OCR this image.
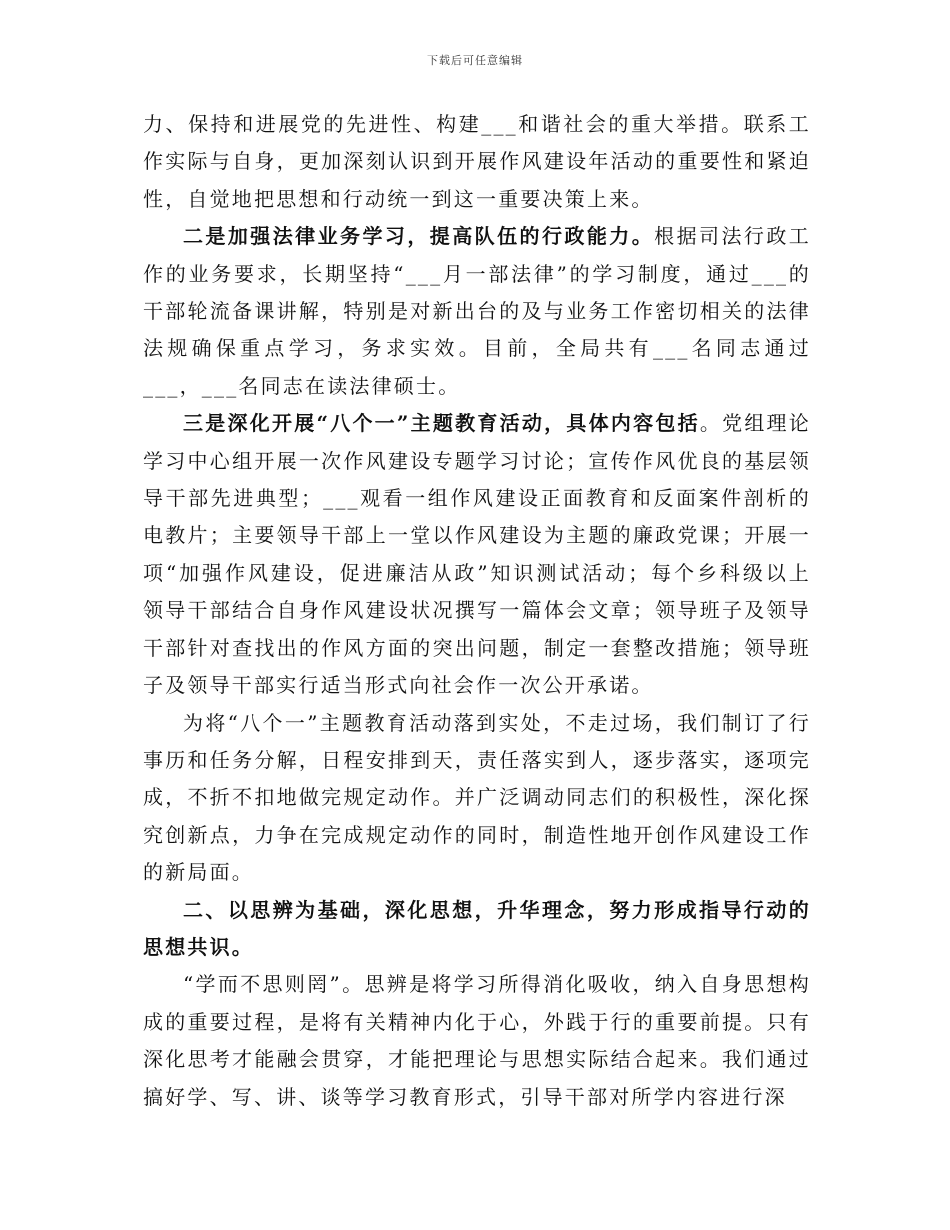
下载后可任意编辑

力、保持和进展党的先进性、构建___和谐社会的重大举措。联系工作实际与自身，更加深刻认识到开展作风建设年活动的重要性和紧迫性，自觉地把思想和行动统一到这一重要决策上来。

二是加强法律业务学习，提高队伍的行政能力。根据司法行政工作的业务要求，长期坚持“___月一部法律”的学习制度，通过___的干部轮流备课讲解，特别是对新出台的及与业务工作密切相关的法律法规确保重点学习，务求实效。目前，全局共有___名同志通过___，___名同志在读法律硕士。

三是深化开展“八个一”主题教育活动，具体内容包括。党组理论学习中心组开展一次作风建设专题学习讨论；宣传作风优良的基层领导干部先进典型；___观看一组作风建设正面教育和反面案件剖析的电教片；主要领导干部上一堂以作风建设为主题的廉政党课；开展一项“加强作风建设，促进廉洁从政”知识测试活动；每个乡科级以上领导干部结合自身作风建设状况撰写一篇体会文章；领导班子及领导干部针对查找出的作风方面的突出问题，制定一套整改措施；领导班子及领导干部实行适当形式向社会作一次公开承诺。

为将“八个一”主题教育活动落到实处，不走过场，我们制订了行事历和任务分解，日程安排到天，责任落实到人，逐步落实，逐项完成，不折不扣地做完规定动作。并广泛调动同志们的积极性，深化探究创新点，力争在完成规定动作的同时，制造性地开创作风建设工作的新局面。

二、以思辨为基础，深化思想，升华理念，努力形成指导行动的思想共识。

“学而不思则罔”。思辨是将学习所得消化吸收，纳入自身思想构成的重要过程，是将有关精神内化于心，外践于行的重要前提。只有深化思考才能融会贯穿，才能把理论与思想实际结合起来。我们通过搞好学、写、讲、谈等学习教育形式，引导干部对所学内容进行深
